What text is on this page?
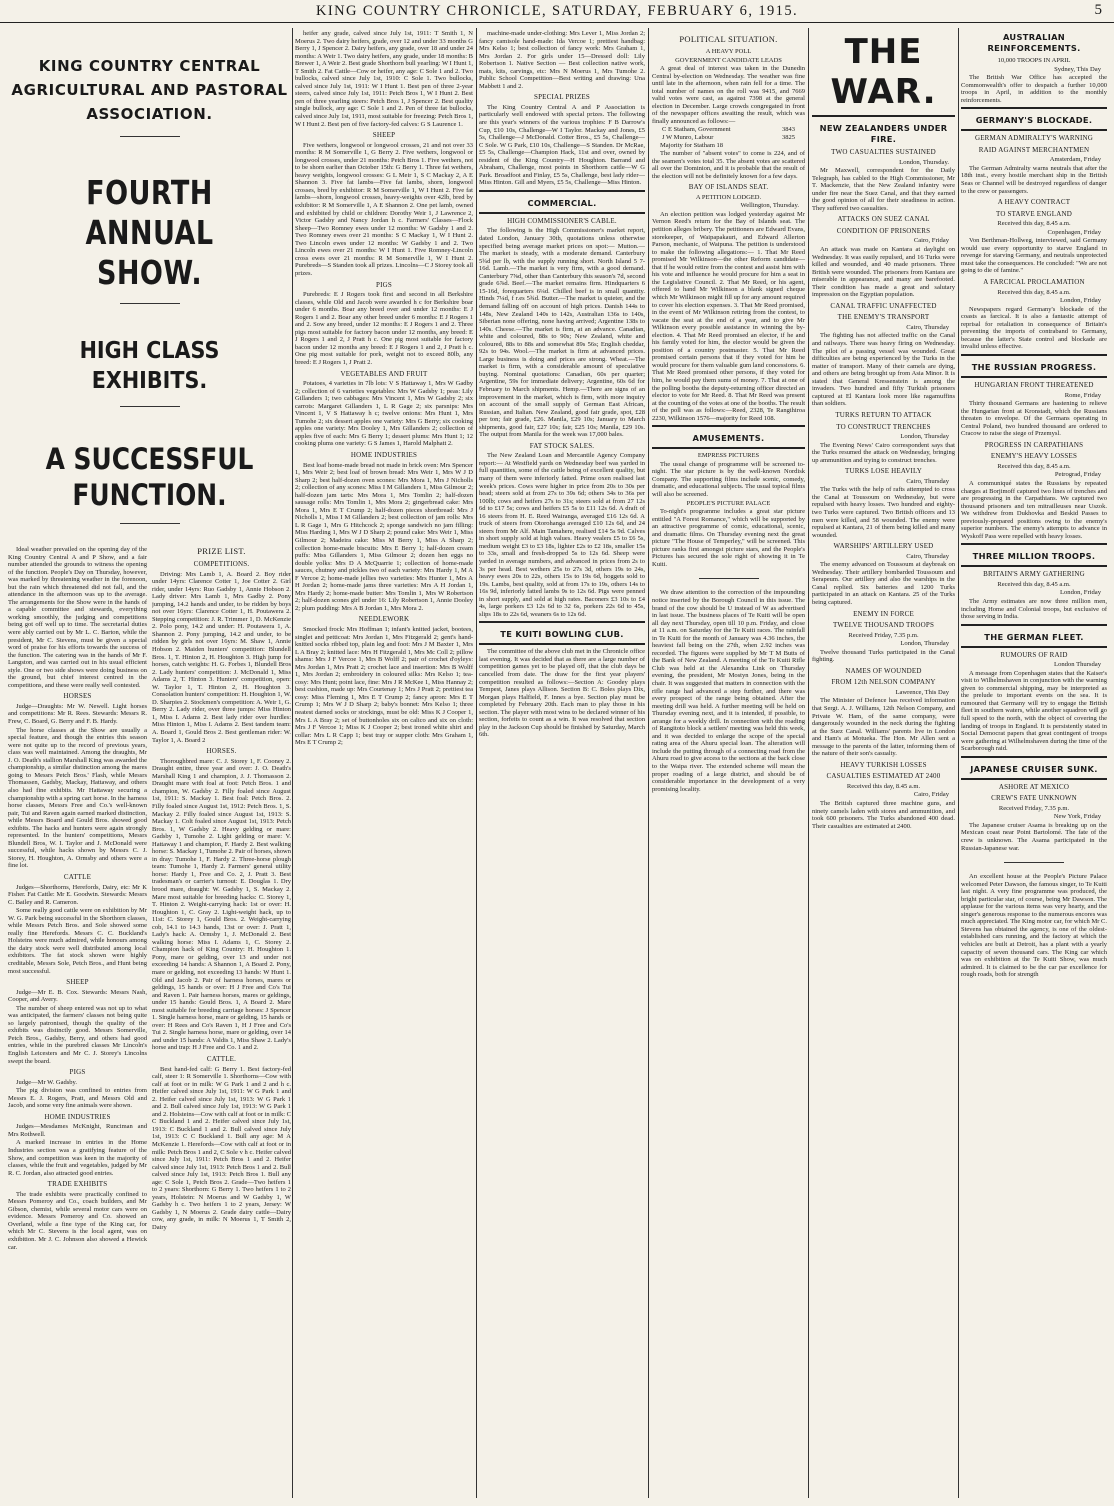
KING COUNTRY CHRONICLE, SATURDAY, FEBRUARY 6, 1915.	5
KING COUNTRY CENTRAL AGRICULTURAL AND PASTORAL ASSOCIATION.
FOURTH ANNUAL SHOW.
HIGH CLASS EXHIBITS.
A SUCCESSFUL FUNCTION.

Ideal weather prevailed on the opening day of the King Country Central A and P Show, and a fair number attended the grounds to witness the opening of the function. People's Day on Thursday, however, was marked by threatening weather in the forenoon, but the rain which threatened did not fall, and the attendance in the afternoon was up to the average. The arrangements for the Show were in the hands of a capable committee and stewards, everything working smoothly, the judging and competitions being got off well up to time. The secretarial duties were ably carried out by Mr L. C. Barton, while the president, Mr C. Stevens, must be given a special word of praise for his efforts towards the success of the function. The catering was in the hands of Mr F. Langston, and was carried out in his usual efficient style. One or two side shows were doing business on the ground, but chief interest centred in the competitions, and these were really well contested.

HORSES

Judge—Draughts: Mr W. Newell. Light horses and competitions: Mr R. Rees. Stewards: Messrs R. Frew, C. Board, G. Berry and F. B. Hardy.

The horse classes at the Show are usually a special feature, and though the entries this season were not quite up to the record of previous years, class was well maintained. Among the draughts, Mr J. O. Death's stallion Marshall King was awarded the championship, a similar distinction among the mares going to Messrs Petch Bros.' Flash, while Messrs Thomassen, Gadsby, Mackay, Hattaway, and others also had fine exhibits. Mr Hattaway securing a championship with a spring cart horse. In the harness horse classes, Messrs Free and Co.'s well-known pair, Tui and Raven again earned marked distinction, while Messrs Board and Gould Bros. showed good exhibits. The hacks and hunters were again strongly represented. In the hunters' competitions, Messrs Blundell Bros, W. I. Taylor and J. McDonald were successful, while hacks shown by Messrs C. J. Storey, H. Houghton, A. Ormsby and others were a fine lot.

CATTLE

Judges—Shorthorns, Herefords, Dairy, etc: Mr K Fisher. Fat Cattle: Mr E. Goodwin. Stewards: Messrs C. Bailey and R. Cameron.

Some really good cattle were on exhibition by Mr W. G. Park being successful in the Shorthorn classes, while Messrs Petch Bros. and Sole showed some really fine Herefords. Messrs C. C. Buckland's Holsteins were much admired, while honours among the dairy stock were well distributed among local exhibitors. The fat stock shown were highly creditable, Messrs Sole, Petch Bros., and Hunt being most successful.

SHEEP

Judge—Mr E. B. Cox. Stewards: Messrs Nash, Cooper, and Avery.

The number of sheep entered was not up to what was anticipated, the farmers' classes not being quite so largely patronised, though the quality of the exhibits was distinctly good. Messrs Somerville, Petch Bros., Gadsby, Berry, and others had good entries, while in the purebred classes Mr Lincoln's English Leicesters and Mr C. J. Storey's Lincolns swept the board.

PIGS

Judge—Mr W. Gadsby.

The pig division was confined to entries from Messrs E. J. Rogers, Pratt, and Messrs Old and Jacob, and some very fine animals were shown.

HOME INDUSTRIES

Judges—Mesdames McKnight, Runciman and Mrs Rothwell.

A marked increase in entries in the Home Industries section was a gratifying feature of the Show, and competition was keen in the majority of classes, while the fruit and vegetables, judged by Mr R. C. Jordan, also attracted good entries.

TRADE EXHIBITS

The trade exhibits were practically confined to Messrs Pomeroy and Co., coach builders, and Mr Gibson, chemist, while several motor cars were on evidence. Messrs Pomeroy and Co. showed an Overland, while a fine type of the King car, for which Mr C. Stevens is the local agent, was on exhibition. Mr J. C. Johnson also showed a Hewick car.

PRIZE LIST.
COMPETITIONS.

Driving: Mrs Lamb 1, A. Board 2. Boy rider under 14yrs: Clarence Cotter 1, Joe Cotter 2. Girl rider, under 14yrs: Ruo Gadsby 1, Annie Hobson 2. Lady driver: Mrs Lamb 1, Mrs Gadby 2. Pony jumping, 14.2 hands and under, to be ridden by boys not over 16yrs: Clarence Cotter 1, H. Poutawera 2. Stepping competition: J. R. Trimmer 1, D. McKenzie 2. Polo pony, 14.2 and under: H. Poutawera 1, A. Shannon 2. Pony jumping, 14.2 and under, to be ridden by girls not over 16yrs: M. Shaw 1, Annie Hobson 2. Maiden hunters' competition: Blundell Bros. 1, T. Hinton 2, H. Houghton 3. High jump for horses, catch weights: H. G. Forbes 1, Blundell Bros 2. Lady hunters' competition: J. McDonald 1, Miss Adams 2, T. Hinton 3. Hunters' competition, open: W. Taylor 1, T. Hinton 2, H. Houghton 3. Consolation hunters' competition: H. Houghton 1, W. D. Sharpies 2. Stockmen's competition: A. Weir 1, G. Berry 2. Lady rider, over three jumps: Miss Hinton 1, Miss I. Adams 2. Best lady rider over hurdles: Miss Hinton 1, Miss I. Adams 2. Best tandem team: A. Board 1, Gould Bros 2. Best gentleman rider: W. Taylor 1, A. Board 2

HORSES.

Thoroughbred mare: C. J. Storey 1, F. Cooney 2. Draught entire, three year and over: J. O. Death's Marshall King 1 and champion, J. J. Thomasson 2. Draught mare with foal at foot: Petch Bros. 1 and champion, W. Gadsby 2. Filly foaled since August 1st, 1911: S. Mackay 1. Best foal: Petch Bros. 2. Filly foaled since August 1st, 1912: Petch Bros. 1, S. Mackay 2. Filly foaled since August 1st, 1913: S. Mackay 1. Colt foaled since August 1st, 1913: Petch Bros. 1, W Gadsby 2. Heavy gelding or mare: Gadsby 1, Tumohe 2. Light gelding or mare: V. Hattaway 1 and champion, F. Hardy 2. Best walking horse: S. Mackay 1, Tumohe 2. Pair of horses, shown in dray: Tumohe 1, F. Hardy 2. Three-horse plough team: Tumohe 1, Hardy 2. Farmers' general utility horse: Hardy 1, Free and Co. 2, J. Pratt 3. Best tradesman's or carrier's turnout: E. Douglas 1. Dry brood mare, draught: W. Gadsby 1, S. Mackay 2. Mare most suitable for breeding hacks: C. Storey 1, T. Hinton 2. Weight-carrying hack: 1st or over: H. Houghton 1, C. Gray 2. Light-weight hack, up to 11st: C. Storey 1, Gould Bros. 2. Weight-carrying cob, 14.1 to 14.3 hands, 13st or over: J. Pratt 1, Lady's hack: A. Ormsby 1, J. McDonald 2. Best walking horse: Miss I. Adams 1, C. Storey 2. Champion hack of King Country: H. Houghton 1. Pony, mare or gelding, over 13 and under not exceeding 14 hands: A Shannon 1, A Board 2. Pony, mare or gelding, not exceeding 13 hands: W Hunt 1. Old and Jacob 2. Pair of harness horses, mares or geldings, 15 hands or over: H J Free and Co's Tui and Raven 1. Pair harness horses, mares or geldings, under 15 hands: Gould Bros. 1, A Board 2. Mare most suitable for breeding carriage horses: J Spencer 1. Single harness horse, mare or gelding, 15 hands or over: H Rees and Co's Raven 1, H J Free and Co's Tui 2. Single harness horse, mare or gelding, over 14 and under 15 hands: A Valdis 1, Miss Shaw 2. Lady's horse and trap: H J Free and Co. 1 and 2.

CATTLE.

Best hand-fed calf: G Berry 1. Best factory-fed calf, steer 1: R Somerville 1. Shorthorns—Cow with calf at foot or in milk: W G Park 1 and 2 and h c. Heifer calved since July 1st, 1911: W G Park 1 and 2. Heifer calved since July 1st, 1913: W G Park 1 and 2. Bull calved since July 1st, 1913: W G Park 1 and 2. Holsteins—Cow with calf at foot or in milk: C C Buckland 1 and 2. Heifer calved since July 1st, 1913: C Buckland 1 and 2. Bull calved since July 1st, 1913: C C Buckland 1. Bull any age: M A McKenzie 1. Herefords—Cow with calf at foot or in milk: Petch Bros 1 and 2, C Sole v h c. Heifer calved since July 1st, 1911: Petch Bros 1 and 2. Heifer calved since July 1st, 1913: Petch Bros 1 and 2. Bull calved since July 1st, 1913: Petch Bros 1. Bull any age: C Sole 1, Petch Bros 2. Grade—Two heifers 1 to 2 years: Shorthorn: G Berry 1. Two heifers 1 to 2 years, Holstein: N Moerus and W Gadsby 1, W Gadsby h c. Two heifers 1 to 2 years, Jersey: W Gadsby 1, N Moerus 2. Grade dairy cattle—Dairy cow, any grade, in milk: N Moerus 1, T Smith 2, Dairy

heifer any grade, calved since July 1st, 1911: T Smith 1, N Moerus 2. Two dairy heifers, grade, over 12 and under 33 months G Berry 1, J Spencer 2. Dairy heifers, any grade, over 18 and under 24 months: A Weir 1. Two dairy heifers, any grade, under 18 months: B Brewer 1, A Weir 2. Best grade Shorthorn bull yearling: W I Hunt 1, T Smith 2. Fat Cattle—Cow or heifer, any age: C Sole 1 and 2. Two bullocks, calved since July 1st, 1910: C Sole 1. Two bullocks, calved since July 1st, 1911: W I Hunt 1. Best pen of three 2-year steers, calved since July 1st, 1911: Petch Bros 1, W I Hunt 2. Best pen of three yearling steers: Petch Bros 1, J Spencer 2. Best quality single bullock, any age: C Sole 1 and 2. Pen of three fat bullocks, calved since July 1st, 1911, most suitable for freezing: Petch Bros 1, W I Hunt 2. Best pen of five factory-fed calves: G S Laurence 1.

SHEEP

Five wethers, longwool or longwool crosses, 21 and not over 33 months: R M Somerville 1, G Berry 2. Five wethers, longwool or longwool crosses, under 21 months: Petch Bros 1. Five wethers, not to be shorn earlier than October 15th: G Berry 1. Three fat wethers, heavy weights, longwool crosses: G L Meir 1, S C Mackay 2, A E Shannon 3. Five fat lambs—Five fat lambs, shorn, longwool crosses, bred by exhibitor: R M Somerville 1, W I Hunt 2. Five fat lambs—shorn, longwool crosses, heavy-weights over 42lb, bred by exhibitor: R M Somerville 1, A E Shannon 2. One pet lamb, owned and exhibited by child or children: Dorothy Weir 1, J Lawrence 2, Victor Gadsby and Nancy Jordan h c. Farmers' Classes—Flock Sheep—Two Romney ewes under 12 months: W Gadsby 1 and 2. Two Romney ewes over 21 months: S C Mackay 1, W I Hunt 2. Two Lincoln ewes under 12 months: W Gadsby 1 and 2. Two Lincoln ewes over 21 months: W I Hunt 1. Five Romney-Lincoln cross ewes over 21 months: R M Somerville 1, W I Hunt 2. Purebreds—S Standen took all prizes. Lincolns—C J Storey took all prizes.

PIGS

Purebreds: E J Rogers took first and second in all Berkshire classes, while Old and Jacob were awarded h c for Berkshire boar under 6 months. Boar any breed over and under 12 months: E J Rogers 1 and 2. Boar any other breed under 6 months: E J Rogers 1 and 2. Sow any breed, under 12 months: E J Rogers 1 and 2. Three pigs most suitable for factory bacon under 12 months, any breed: E J Rogers 1 and 2, J Pratt h c. One pig most suitable for factory bacon under 12 months any breed: E J Rogers 1 and 2, J Pratt h c. One pig most suitable for pork, weight not to exceed 80lb, any breed: E J Rogers 1, J Pratt 2.

VEGETABLES AND FRUIT

Potatoes, 4 varieties in 7lb lots: V S Hattaway 1, Mrs W Gadby 2; collection of 6 varieties vegetables: Mrs W Gadsby 1; peas: Lily Gillanders 1; two cabbages: Mrs Vincent 1, Mrs W Gadsby 2; six carrots: Margaret Gillanders 1, L R Gage 2; six parsnips: Mrs Vincent 1, V S Hattaway h c; twelve onions: Mrs Hunt 1, Mrs Tumohe 2; six dessert apples one variety: Mrs G Berry; six cooking apples one variety: Mrs Dooley 1, Mrs Gillanders 2; collection of apples five of each: Mrs G Berry 1; dessert plums: Mrs Hunt 1; 12 cooking plums one variety: G S James 1, Harold Malphatt 2.

HOME INDUSTRIES

Best loaf home-made bread not made in brick oven: Mrs Spencer 1, Mrs Weir 2; best loaf of brown bread: Mrs Weir 1, Mrs W J D Sharp 2; best half-dozen oven scones: Mrs Mora 1, Mrs J Nicholls 2; collection of any scones: Miss I M Gillanders 1, Miss Gilmour 2; half-dozen jam tarts: Mrs Mora 1, Mrs Tomlin 2; half-dozen sausage rolls: Mrs Tomlin 1, Mrs Mora 2; gingerbread cake: Mrs Mora 1, Mrs E T Crump 2; half-dozen pieces shortbread: Mrs J Nicholls 1, Miss I M Gillanders 2; best collection of jam rolls: Mrs L R Gage 1, Mrs G Hitchcock 2; sponge sandwich no jam filling: Miss Harding 1, Mrs W J D Sharp 2; pound cake: Mrs Weir 1, Miss Gilmour 2; Madeira cake: Miss M Berry 1, Miss A Sharp 2; collection home-made biscuits: Mrs E Berry 1; half-dozen cream puffs: Miss Gillanders 1, Miss Gilmour 2; dozen hen eggs no double yolks: Mrs D A McQuarrie 1; collection of home-made sauces, chutney and pickles two of each variety: Mrs Hardy 1, M A F Vercoe 2; home-made jellies two varieties: Mrs Hunter 1, Mrs A H Jordan 2; home-made jams three varieties: Mrs A H Jordan 1, Mrs Hardy 2; home-made butter: Mrs Tomlin 1, Mrs W Robertson 2; half-dozen scones girl under 16: Lily Robertson 1, Annie Dooley 2; plum pudding: Mrs A B Jordan 1, Mrs Mora 2.

NEEDLEWORK

Smocked frock: Mrs Hoffman 1; infant's knitted jacket, bootees, singlet and petticoat: Mrs Jordan 1, Mrs Fitzgerald 2; gent's hand-knitted socks ribbed top, plain leg and foot: Mrs J M Baxter 1, Mrs L A Bray 2; knitted lace: Mrs H Fitzgerald 1, Mrs Mc Coll 2; pillow shams: Mrs J F Vercoe 1, Mrs B Wolff 2; pair of crochet d'oyleys: Mrs Jordan 1, Mrs Pratt 2; crochet lace and insertion: Mrs B Wolff 1, Mrs Jordan 2; embroidery in coloured silks: Mrs Kelso 1; tea-cosy: Mrs Hunt; point lace, fine: Mrs J R McKee 1, Miss Hannay 2; best cushion, made up: Mrs Courtenay 1; Mrs J Pratt 2; prettiest tea cosy: Miss Fleming 1, Mrs E T Crump 2; fancy apron: Mrs E T Crump 1; Mrs W J D Sharp 2; baby's bonnet: Mrs Kelso 1; three neatest darned socks or stockings, must be old: Miss K J Cooper 1, Mrs L A Bray 2; set of buttonholes six on calico and six on cloth: Mrs J F Vercoe 1; Miss K J Cooper 2; best ironed white shirt and collar: Mrs L R Capp 1; best tray or supper cloth: Mrs Graham 1, Mrs E T Crump 2;

machine-made under-clothing: Mrs Lever 1, Miss Jordan 2; fancy camisole hand-made: Ida Vercoe 1; prettiest handbag: Mrs Kelso 1; best collection of fancy work: Mrs Graham 1, Mrs Jordan 2. For girls under 15—Dressed doll: Lily Robertson 1. Native Section — Best collection native work, mats, kits, carvings, etc: Mrs N Moerus 1, Mrs Tumohe 2. Public School Competition—Best writing and drawing: Una Mabbett 1 and 2.

SPECIAL PRIZES

The King Country Central A and P Association is particularly well endowed with special prizes. The following are this year's winners of the various trophies: F B Darrow's Cup, £10 10s, Challenge—W I Taylor. Mackay and Jones, £5 5s, Challenge—J McDonald. Cotter Bros., £5 5s, Challenge—C Sole. W G Park, £10 10s, Challenge—S Standen. Dr McRae, £5 5s, Challenge—Champion Hack, 11st and over, owned by resident of the King Country—H Houghton. Barrand and Abraham, Challenge, most points in Shorthorn cattle—W G Park. Broadfoot and Finlay, £5 5s, Challenge, best lady rider—Miss Hinton. Gill and Myers, £5 5s, Challenge—Miss Hinton.

COMMERCIAL.
HIGH COMMISSIONER'S CABLE.

The following is the High Commissioner's market report, dated London, January 30th, quotations unless otherwise specified being average market prices on spot:— Mutton.—The market is steady, with a moderate demand. Canterbury 5¾d per lb, with the supply running short. North Island 5 7-16d. Lamb.—The market is very firm, with a good demand. Canterbury 7⅝d, other than Canterbury this season's 7d, second grade 6⅞d. Beef.—The market remains firm. Hindquarters 6 15-16d, forequarters 6¼d. Chilled beef is in small quantity. Hinds 7¼d, f r.es 5¾d. Butter.—The market is quieter, and the demand falling off on account of high prices. Danish 144s to 148s, New Zealand 140s to 142s, Australian 136s to 140s, Siberian none offering, none having arrived; Argentine 138s to 140s. Cheese.—The market is firm, at an advance. Canadian, white and coloured, 88s to 90s; New Zealand, white and coloured, 88s to 88s and somewhat 89s 56s; English cheddar, 92s to 94s. Wool.—The market is firm at advanced prices. Large business is doing and prices are strong. Wheat.—The market is firm, with a considerable amount of speculative buying. Nominal quotations: Canadian, 60s per quarter; Argentine, 59s for immediate delivery; Argentine, 60s 6d for February to March shipments. Hemp.—There are signs of an improvement in the market, which is firm, with more inquiry on account of the small supply of German East African, Russian, and Italian. New Zealand, good fair grade, spot, £28 per ton; fair grade, £26. Manila, £29 10s; January to March shipments, good fair, £27 10s; fair, £25 10s; Manila, £29 10s. The output from Manila for the week was 17,000 bales.

FAT STOCK SALES.

The New Zealand Loan and Mercantile Agency Company report:— At Westfield yards on Wednesday beef was yarded in full quantities, some of the cattle being of excellent quality, but many of them were inferiorly fatted. Prime oxen realised last week's prices. Cows were higher in price from 20s to 30s per head; steers sold at from 27s to 39s 6d; others 34s to 36s per 100lb; cows and heifers 27s to 31s; steers sold at from 27 12s 6d to £17 5s; cows and heifers £5 5s to £11 12s 6d. A draft of 16 steers from H. E. Reed Wairanga, averaged £16 12s 6d. A truck of steers from Otorohanga averaged £10 12s 6d, and 24 steers from Mr Alf. Main Tamahere, realised £14 5s 9d. Calves in short supply sold at high values. Heavy vealers £5 to £6 5s, medium weight £3 to £3 18s, lighter £2s to £2 18s, smaller 15s to 33s, small and fresh-dropped 5s to 12s 6d. Sheep were yarded in average numbers, and advanced in prices from 2s to 3s per head. Best wethers 25s to 27s 3d, others 19s to 24s, heavy ewes 20s to 22s, others 15s to 19s 6d, hoggets sold to 19s. Lambs, best quality, sold at from 17s to 19s, others 14s to 16s 9d, inferiorly fatted lambs 9s to 12s 6d. Pigs were penned in short supply, and sold at high rates. Baconers £3 10s to £4 4s, large porkers £3 12s 6d to 32 6s, porkers 22s 6d to 45s, slips 18s to 22s 6d, weaners 6s to 12s 6d.

TE KUITI BOWLING CLUB.

The committee of the above club met in the Chronicle office last evening. It was decided that as there are a large number of competition games yet to be played off, that the club days be cancelled from date. The draw for the first year players' competition resulted as follows:—Section A: Goodey plays Tempest, Janes plays Allison. Section B: C. Boles plays Dix, Morgan plays Halfield, F. Innes a bye. Section play must be completed by February 20th. Each man to play those in his section. The player with most wins to be declared winner of his section, forfeits to count as a win. It was resolved that section play in the Jackson Cup should be finished by Saturday, March 6th.

POLITICAL SITUATION.
A HEAVY POLL
GOVERNMENT CANDIDATE LEADS

A great deal of interest was taken in the Dunedin Central by-election on Wednesday. The weather was fine until late in the afternoon, when rain fell for a time. The total number of names on the roll was 9415, and 7669 valid votes were cast, as against 7398 at the general election in December. Large crowds congregated in front of the newspaper offices awaiting the result, which was finally announced as follows:—

C E Statham, Government	3843
J W Munro, Labour	3825

Majority for Statham 18

The number of "absent votes" to come is 224, and of the seamen's votes total 35. The absent votes are scattered all over the Dominion, and it is probable that the result of the election will not be definitely known for a few days.

BAY OF ISLANDS SEAT.
A PETITION LODGED.
Wellington, Thursday.

An election petition was lodged yesterday against Mr Vernon Reed's return for the Bay of Islands seat. The petition alleges bribery. The petitioners are Edward Evans, storekeeper, of Waipapakauri, and Edward Allerton Parson, mechanic, of Waipuna. The petition is understood to make the following allegations:— 1. That Mr Reed promised Mr Wilkinson—the other Reform candidate—that if he would retire from the contest and assist him with his vote and influence he would procure for him a seat in the Legislative Council. 2. That Mr Reed, or his agent, offered to hand Mr Wilkinson a blank signed cheque which Mr Wilkinson might fill up for any amount required to cover his election expenses. 3. That Mr Reed promised, in the event of Mr Wilkinson retiring from the contest, to vacate the seat at the end of a year, and to give Mr Wilkinson every possible assistance in winning the by-election. 4. That Mr Reed promised an elector, if he and his family voted for him, the elector would be given the position of a country postmaster. 5. That Mr Reed promised certain persons that if they voted for him he would procure for them valuable gum land concessions. 6. That Mr Reed promised other persons, if they voted for him, he would pay them sums of money. 7. That at one of the polling booths the deputy-returning officer directed an elector to vote for Mr Reed. 8. That Mr Reed was present at the counting of the votes at one of the booths. The result of the poll was as follows:—Reed, 2328, Te Rangihiroa 2230, Wilkinson 1576—majority for Reed 108.

AMUSEMENTS.
EMPRESS PICTURES

The usual change of programme will be screened to-night. The star picture is by the well-known Nordisk Company. The supporting films include scenic, comedy, dramatic, and educational subjects. The usual topical films will also be screened.

PEOPLE'S PICTURE PALACE

To-night's programme includes a great star picture entitled "A Forest Romance," which will be supported by an attractive programme of comic, educational, scenic, and dramatic films. On Thursday evening next the great picture "The House of Temperley," will be screened. This picture ranks first amongst picture stars, and the People's Pictures has secured the sole right of showing it in Te Kuiti.

We draw attention to the correction of the impounding notice inserted by the Borough Council in this issue. The brand of the cow should be U instead of W as advertised in last issue. The business places of Te Kuiti will be open all day next Thursday, open till 10 p.m. Friday, and close at 11 a.m. on Saturday for the Te Kuiti races. The rainfall in Te Kuiti for the month of January was 4.36 inches, the heaviest fall being on the 27th, when 2.92 inches was recorded. The figures were supplied by Mr T M Butts of the Bank of New Zealand. A meeting of the Te Kuiti Rifle Club was held at the Alexandra Link on Thursday evening, the president, Mr Mostyn Jones, being in the chair. It was suggested that matters in connection with the rifle range had advanced a step further, and there was every prospect of the range being obtained. After the meeting drill was held. A further meeting will be held on Thursday evening next, and it is intended, if possible, to arrange for a weekly drill. In connection with the roading of Rangitoto block a settlers' meeting was held this week, and it was decided to enlarge the scope of the special rating area of the Ahuru special loan. The alteration will include the putting through of a connecting road from the Ahuru road to give access to the sections at the back close to the Waipa river. The extended scheme will mean the proper roading of a large district, and should be of considerable importance in the development of a very promising locality.

THE WAR.
NEW ZEALANDERS UNDER FIRE.
TWO CASUALTIES SUSTAINED
London, Thursday.

Mr Maxwell, correspondent for the Daily Telegraph, has cabled to the High Commissioner, Mr T. Mackenzie, that the New Zealand infantry were under fire near the Suez Canal, and that they earned the good opinion of all for their steadiness in action. They suffered two casualties.

ATTACKS ON SUEZ CANAL
CONDITION OF PRISONERS
Cairo, Friday

An attack was made on Kantara at daylight on Wednesday. It was easily repulsed, and 16 Turks were killed and wounded, and 40 made prisoners. Three British were wounded. The prisoners from Kantara are miserable in appearance, and many are barefooted. Their condition has made a great and salutary impression on the Egyptian population.

CANAL TRAFFIC UNAFFECTED
THE ENEMY'S TRANSPORT
Cairo, Thursday

The fighting has not affected traffic on the Canal and railways. There was heavy firing on Wednesday. The pilot of a passing vessel was wounded. Great difficulties are being experienced by the Turks in the matter of transport. Many of their camels are dying, and others are being brought up from Asia Minor. It is stated that General Kressenstein is among the invaders. Two hundred and fifty Turkish prisoners captured at El Kantara look more like ragamuffins than soldiers.

TURKS RETURN TO ATTACK
TO CONSTRUCT TRENCHES
London, Thursday

The Evening News' Cairo correspondent says that the Turks resumed the attack on Wednesday, bringing up ammunition and trying to construct trenches.

TURKS LOSE HEAVILY
Cairo, Thursday

The Turks with the help of rafts attempted to cross the Canal at Toussoum on Wednesday, but were repulsed with heavy losses. Two hundred and eighty-two Turks were captured. Two British officers and 13 men were killed, and 58 wounded. The enemy were repulsed at Kantara, 21 of them being killed and many wounded.

WARSHIPS' ARTILLERY USED
Cairo, Thursday

The enemy advanced on Toussoum at daybreak on Wednesday. Their artillery bombarded Toussoum and Serapeum. Our artillery and also the warships in the Canal replied. Six batteries and 1200 Turks participated in an attack on Kantara. 25 of the Turks being captured.

ENEMY IN FORCE
TWELVE THOUSAND TROOPS
Received Friday, 7.35 p.m.
London, Thursday

Twelve thousand Turks participated in the Canal fighting.

NAMES OF WOUNDED
FROM 12th NELSON COMPANY
Lawrence, This Day

The Minister of Defence has received information that Sergt. A. J. Williams, 12th Nelson Company, and Private W. Ham, of the same company, were dangerously wounded in the neck during the fighting at the Suez Canal. Williams' parents live in London and Ham's at Motueka. The Hon. Mr Allen sent a message to the parents of the latter, informing them of the nature of their son's casualty.

HEAVY TURKISH LOSSES
CASUALTIES ESTIMATED AT 2400
Received this day, 8.45 a.m.
Cairo, Friday

The British captured three machine guns, and ninety camels laden with stores and ammunition, and took 600 prisoners. The Turks abandoned 400 dead. Their casualties are estimated at 2400.

AUSTRALIAN REINFORCEMENTS.
10,000 TROOPS IN APRIL
Sydney, This Day

The British War Office has accepted the Commonwealth's offer to despatch a further 10,000 troops in April, in addition to the monthly reinforcements.

GERMANY'S BLOCKADE.
GERMAN ADMIRALTY'S WARNING
RAID AGAINST MERCHANTMEN
Amsterdam, Friday

The German Admiralty warns neutrals that after the 18th inst., every hostile merchant ship in the British Seas or Channel will be destroyed regardless of danger to the crew or passengers.

A HEAVY CONTRACT
TO STARVE ENGLAND
Received this day, 8.45 a.m.
Copenhagen, Friday

Von Berthman-Hollweg, interviewed, said Germany would use every opportunity to starve England in revenge for starving Germany, and neutrals unprotected must take the consequences. He concluded: "We are not going to die of famine."

A FARCICAL PROCLAMATION
Received this day, 8.45 a.m.
London, Friday

Newspapers regard Germany's blockade of the coasts as farcical. It is also a fantastic attempt of reprisal for retaliation in consequence of Britain's preventing the imports of contraband to Germany, because the latter's State control and blockade are invalid unless effective.

THE RUSSIAN PROGRESS.
HUNGARIAN FRONT THREATENED
Rome, Friday

Thirty thousand Germans are hastening to relieve the Hungarian front at Kronstadt, which the Russians threaten to envelope. Of the Germans operating in Central Poland, two hundred thousand are ordered to Cracow to raise the siege of Przemysl.

PROGRESS IN CARPATHIANS
ENEMY'S HEAVY LOSSES
Received this day, 8.45 a.m.
Petrograd, Friday

A communiqué states the Russians by repeated charges at Borjimoff captured two lines of trenches and are progressing in the Carpathians. We captured two thousand prisoners and ten mitrailleuses near Uszok. We withdrew from Dukhovka and Beskid Passes to previously-prepared positions owing to the enemy's superior numbers. The enemy's attempts to advance in Wyskoff Pass were repelled with heavy losses.

THREE MILLION TROOPS.
BRITAIN'S ARMY GATHERING
Received this day, 8.45 a.m.
London, Friday

The Army estimates are now three million men, including Home and Colonial troops, but exclusive of those serving in India.

THE GERMAN FLEET.
RUMOURS OF RAID
London Thursday

A message from Copenhagen states that the Kaiser's visit to Wilhelmshaven in conjunction with the warning given to commercial shipping, may be interpreted as the prelude to important events on the sea. It is rumoured that Germany will try to engage the British fleet in southern waters, while another squadron will go full speed to the north, with the object of covering the landing of troops in England. It is persistently stated in Social Democrat papers that great contingent of troops were gathering at Wilhelmshaven during the time of the Scarborough raid.

JAPANESE CRUISER SUNK.
ASHORE AT MEXICO
CREW'S FATE UNKNOWN
Received Friday, 7.35 p.m.
New York, Friday

The Japanese cruiser Asama is breaking up on the Mexican coast near Point Bartolomé. The fate of the crew is unknown. The Asama participated in the Russian-Japanese war.

An excellent house at the People's Picture Palace welcomed Peter Dawson, the famous singer, to Te Kuiti last night. A very fine programme was produced, the bright particular star, of course, being Mr Dawson. The applause for the various items was very hearty, and the singer's generous response to the numerous encores was much appreciated. The King motor car, for which Mr C. Stevens has obtained the agency, is one of the oldest-established cars running, and the factory at which the vehicles are built at Detroit, has a plant with a yearly capacity of seven thousand cars. The King car which was on exhibition at the Te Kuiti Show, was much admired. It is claimed to be the car par excellence for rough roads, both for strength
